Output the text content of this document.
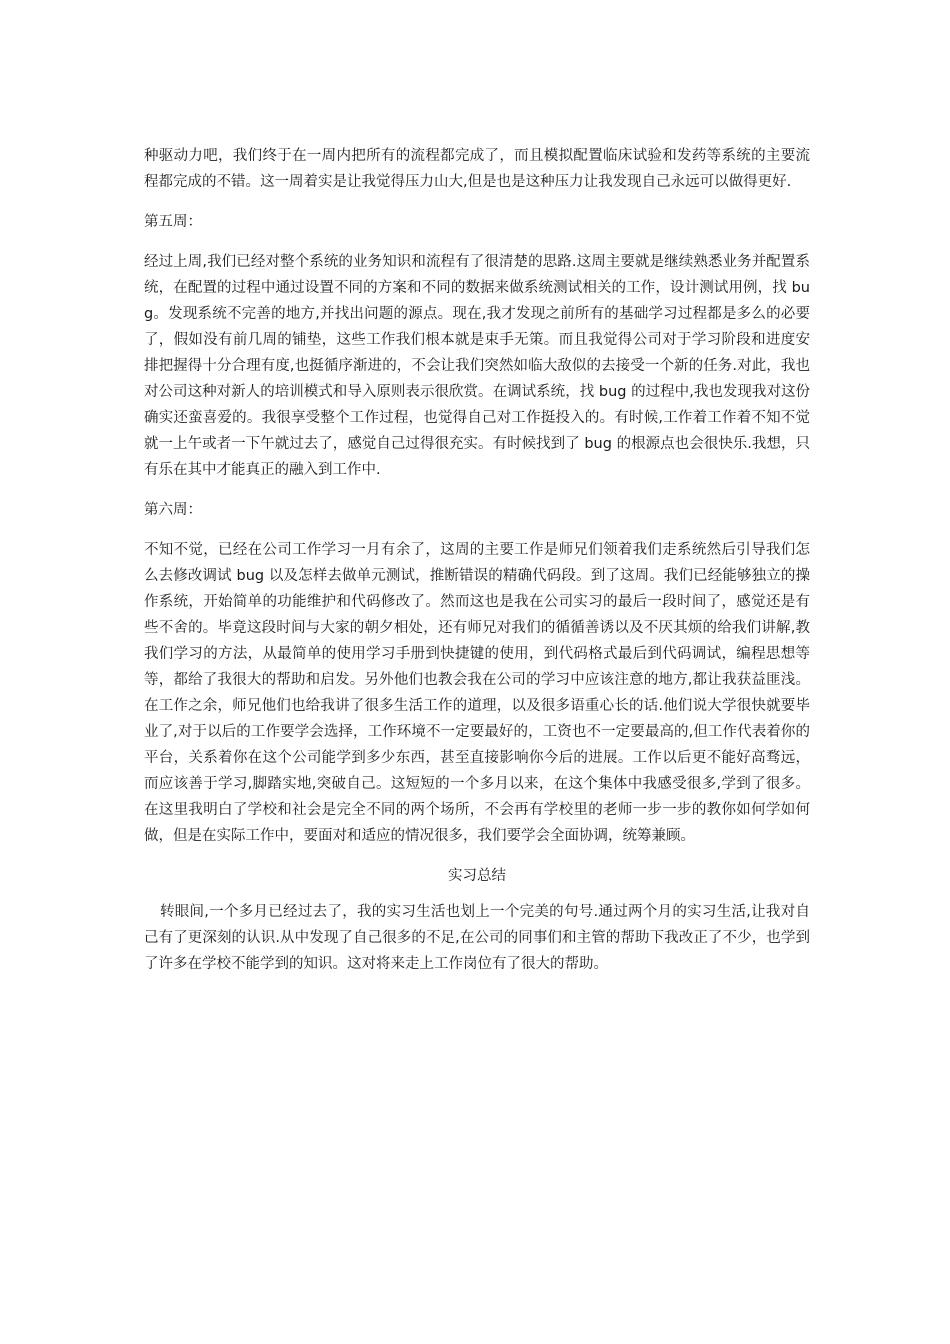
种驱动力吧，我们终于在一周内把所有的流程都完成了，而且模拟配置临床试验和发药等系统的主要流程都完成的不错。这一周着实是让我觉得压力山大,但是也是这种压力让我发现自己永远可以做得更好.

第五周：

经过上周,我们已经对整个系统的业务知识和流程有了很清楚的思路.这周主要就是继续熟悉业务并配置系统，在配置的过程中通过设置不同的方案和不同的数据来做系统测试相关的工作，设计测试用例，找 bug。发现系统不完善的地方,并找出问题的源点。现在,我才发现之前所有的基础学习过程都是多么的必要了，假如没有前几周的铺垫，这些工作我们根本就是束手无策。而且我觉得公司对于学习阶段和进度安排把握得十分合理有度,也挺循序渐进的，不会让我们突然如临大敌似的去接受一个新的任务.对此，我也对公司这种对新人的培训模式和导入原则表示很欣赏。在调试系统，找 bug 的过程中,我也发现我对这份确实还蛮喜爱的。我很享受整个工作过程，也觉得自己对工作挺投入的。有时候,工作着工作着不知不觉就一上午或者一下午就过去了，感觉自己过得很充实。有时候找到了 bug 的根源点也会很快乐.我想，只有乐在其中才能真正的融入到工作中.

第六周：

不知不觉，已经在公司工作学习一月有余了，这周的主要工作是师兄们领着我们走系统然后引导我们怎么去修改调试 bug 以及怎样去做单元测试，推断错误的精确代码段。到了这周。我们已经能够独立的操作系统，开始简单的功能维护和代码修改了。然而这也是我在公司实习的最后一段时间了，感觉还是有些不舍的。毕竟这段时间与大家的朝夕相处，还有师兄对我们的循循善诱以及不厌其烦的给我们讲解,教我们学习的方法，从最简单的使用学习手册到快捷键的使用，到代码格式最后到代码调试，编程思想等等，都给了我很大的帮助和启发。另外他们也教会我在公司的学习中应该注意的地方,都让我获益匪浅。在工作之余，师兄他们也给我讲了很多生活工作的道理，以及很多语重心长的话.他们说大学很快就要毕业了,对于以后的工作要学会选择，工作环境不一定要最好的，工资也不一定要最高的,但工作代表着你的平台，关系着你在这个公司能学到多少东西，甚至直接影响你今后的进展。工作以后更不能好高骛远，而应该善于学习,脚踏实地,突破自己。这短短的一个多月以来，在这个集体中我感受很多,学到了很多。在这里我明白了学校和社会是完全不同的两个场所，不会再有学校里的老师一步一步的教你如何学如何做，但是在实际工作中，要面对和适应的情况很多，我们要学会全面协调，统筹兼顾。

实习总结

转眼间,一个多月已经过去了，我的实习生活也划上一个完美的句号.通过两个月的实习生活,让我对自己有了更深刻的认识.从中发现了自己很多的不足,在公司的同事们和主管的帮助下我改正了不少，也学到了许多在学校不能学到的知识。这对将来走上工作岗位有了很大的帮助。
